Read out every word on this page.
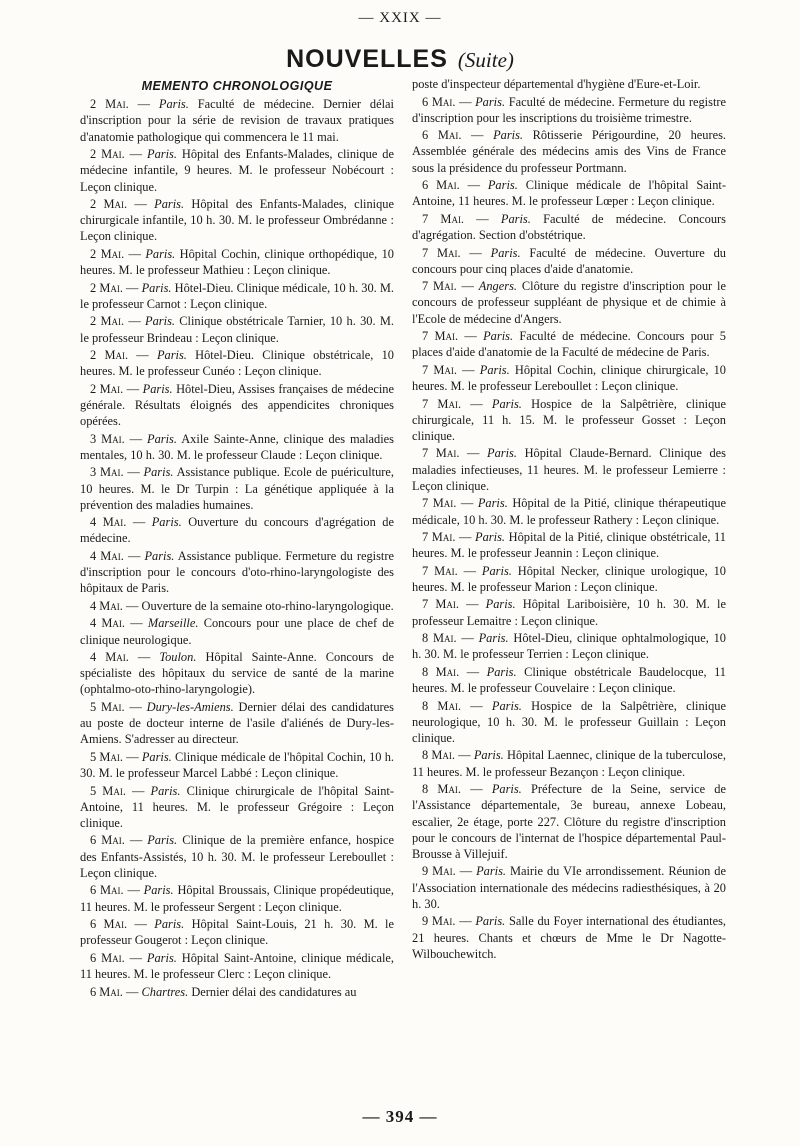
— XXIX —
NOUVELLES (Suite)
MEMENTO CHRONOLOGIQUE

2 Mai. — Paris. Faculté de médecine. Dernier délai d'inscription pour la série de revision de travaux pratiques d'anatomie pathologique qui commencera le 11 mai.

2 Mai. — Paris. Hôpital des Enfants-Malades, clinique de médecine infantile, 9 heures. M. le professeur Nobécourt : Leçon clinique.

2 Mai. — Paris. Hôpital des Enfants-Malades, clinique chirurgicale infantile, 10 h. 30. M. le professeur Ombrédanne : Leçon clinique.

2 Mai. — Paris. Hôpital Cochin, clinique orthopédique, 10 heures. M. le professeur Mathieu : Leçon clinique.

2 Mai. — Paris. Hôtel-Dieu. Clinique médicale, 10 h. 30. M. le professeur Carnot : Leçon clinique.

2 Mai. — Paris. Clinique obstétricale Tarnier, 10 h. 30. M. le professeur Brindeau : Leçon clinique.

2 Mai. — Paris. Hôtel-Dieu. Clinique obstétricale, 10 heures. M. le professeur Cunéo : Leçon clinique.

2 Mai. — Paris. Hôtel-Dieu, Assises françaises de médecine générale. Résultats éloignés des appendicites chroniques opérées.

3 Mai. — Paris. Axile Sainte-Anne, clinique des maladies mentales, 10 h. 30. M. le professeur Claude : Leçon clinique.

3 Mai. — Paris. Assistance publique. Ecole de puériculture, 10 heures. M. le Dr Turpin : La génétique appliquée à la prévention des maladies humaines.

4 Mai. — Paris. Ouverture du concours d'agrégation de médecine.

4 Mai. — Paris. Assistance publique. Fermeture du registre d'inscription pour le concours d'oto-rhino-laryngologiste des hôpitaux de Paris.

4 Mai. — Ouverture de la semaine oto-rhino-laryngologique.

4 Mai. — Marseille. Concours pour une place de chef de clinique neurologique.

4 Mai. — Toulon. Hôpital Sainte-Anne. Concours de spécialiste des hôpitaux du service de santé de la marine (ophtalmo-oto-rhino-laryngologie).

5 Mai. — Dury-les-Amiens. Dernier délai des candidatures au poste de docteur interne de l'asile d'aliénés de Dury-les-Amiens. S'adresser au directeur.

5 Mai. — Paris. Clinique médicale de l'hôpital Cochin, 10 h. 30. M. le professeur Marcel Labbé : Leçon clinique.

5 Mai. — Paris. Clinique chirurgicale de l'hôpital Saint-Antoine, 11 heures. M. le professeur Grégoire : Leçon clinique.

6 Mai. — Paris. Clinique de la première enfance, hospice des Enfants-Assistés, 10 h. 30. M. le professeur Lereboullet : Leçon clinique.

6 Mai. — Paris. Hôpital Broussais, Clinique propédeutique, 11 heures. M. le professeur Sergent : Leçon clinique.

6 Mai. — Paris. Hôpital Saint-Louis, 21 h. 30. M. le professeur Gougerot : Leçon clinique.

6 Mai. — Paris. Hôpital Saint-Antoine, clinique médicale, 11 heures. M. le professeur Clerc : Leçon clinique.

6 Mai. — Chartres. Dernier délai des candidatures au

poste d'inspecteur départemental d'hygiène d'Eure-et-Loir.

6 Mai. — Paris. Faculté de médecine. Fermeture du registre d'inscription pour les inscriptions du troisième trimestre.

6 Mai. — Paris. Rôtisserie Périgourdine, 20 heures. Assemblée générale des médecins amis des Vins de France sous la présidence du professeur Portmann.

6 Mai. — Paris. Clinique médicale de l'hôpital Saint-Antoine, 11 heures. M. le professeur Lœper : Leçon clinique.

7 Mai. — Paris. Faculté de médecine. Concours d'agrégation. Section d'obstétrique.

7 Mai. — Paris. Faculté de médecine. Ouverture du concours pour cinq places d'aide d'anatomie.

7 Mai. — Angers. Clôture du registre d'inscription pour le concours de professeur suppléant de physique et de chimie à l'Ecole de médecine d'Angers.

7 Mai. — Paris. Faculté de médecine. Concours pour 5 places d'aide d'anatomie de la Faculté de médecine de Paris.

7 Mai. — Paris. Hôpital Cochin, clinique chirurgicale, 10 heures. M. le professeur Lereboullet : Leçon clinique.

7 Mai. — Paris. Hospice de la Salpêtrière, clinique chirurgicale, 11 h. 15. M. le professeur Gosset : Leçon clinique.

7 Mai. — Paris. Hôpital Claude-Bernard. Clinique des maladies infectieuses, 11 heures. M. le professeur Lemierre : Leçon clinique.

7 Mai. — Paris. Hôpital de la Pitié, clinique thérapeutique médicale, 10 h. 30. M. le professeur Rathery : Leçon clinique.

7 Mai. — Paris. Hôpital de la Pitié, clinique obstétricale, 11 heures. M. le professeur Jeannin : Leçon clinique.

7 Mai. — Paris. Hôpital Necker, clinique urologique, 10 heures. M. le professeur Marion : Leçon clinique.

7 Mai. — Paris. Hôpital Lariboisière, 10 h. 30. M. le professeur Lemaitre : Leçon clinique.

8 Mai. — Paris. Hôtel-Dieu, clinique ophtalmologique, 10 h. 30. M. le professeur Terrien : Leçon clinique.

8 Mai. — Paris. Clinique obstétricale Baudelocque, 11 heures. M. le professeur Couvelaire : Leçon clinique.

8 Mai. — Paris. Hospice de la Salpêtrière, clinique neurologique, 10 h. 30. M. le professeur Guillain : Leçon clinique.

8 Mai. — Paris. Hôpital Laennec, clinique de la tuberculose, 11 heures. M. le professeur Bezançon : Leçon clinique.

8 Mai. — Paris. Préfecture de la Seine, service de l'Assistance départementale, 3e bureau, annexe Lobeau, escalier, 2e étage, porte 227. Clôture du registre d'inscription pour le concours de l'internat de l'hospice départemental Paul-Brousse à Villejuif.

9 Mai. — Paris. Mairie du VIe arrondissement. Réunion de l'Association internationale des médecins radiesthésiques, à 20 h. 30.

9 Mai. — Paris. Salle du Foyer international des étudiantes, 21 heures. Chants et chœurs de Mme le Dr Nagotte-Wilbouchewitch.

— 394 —
